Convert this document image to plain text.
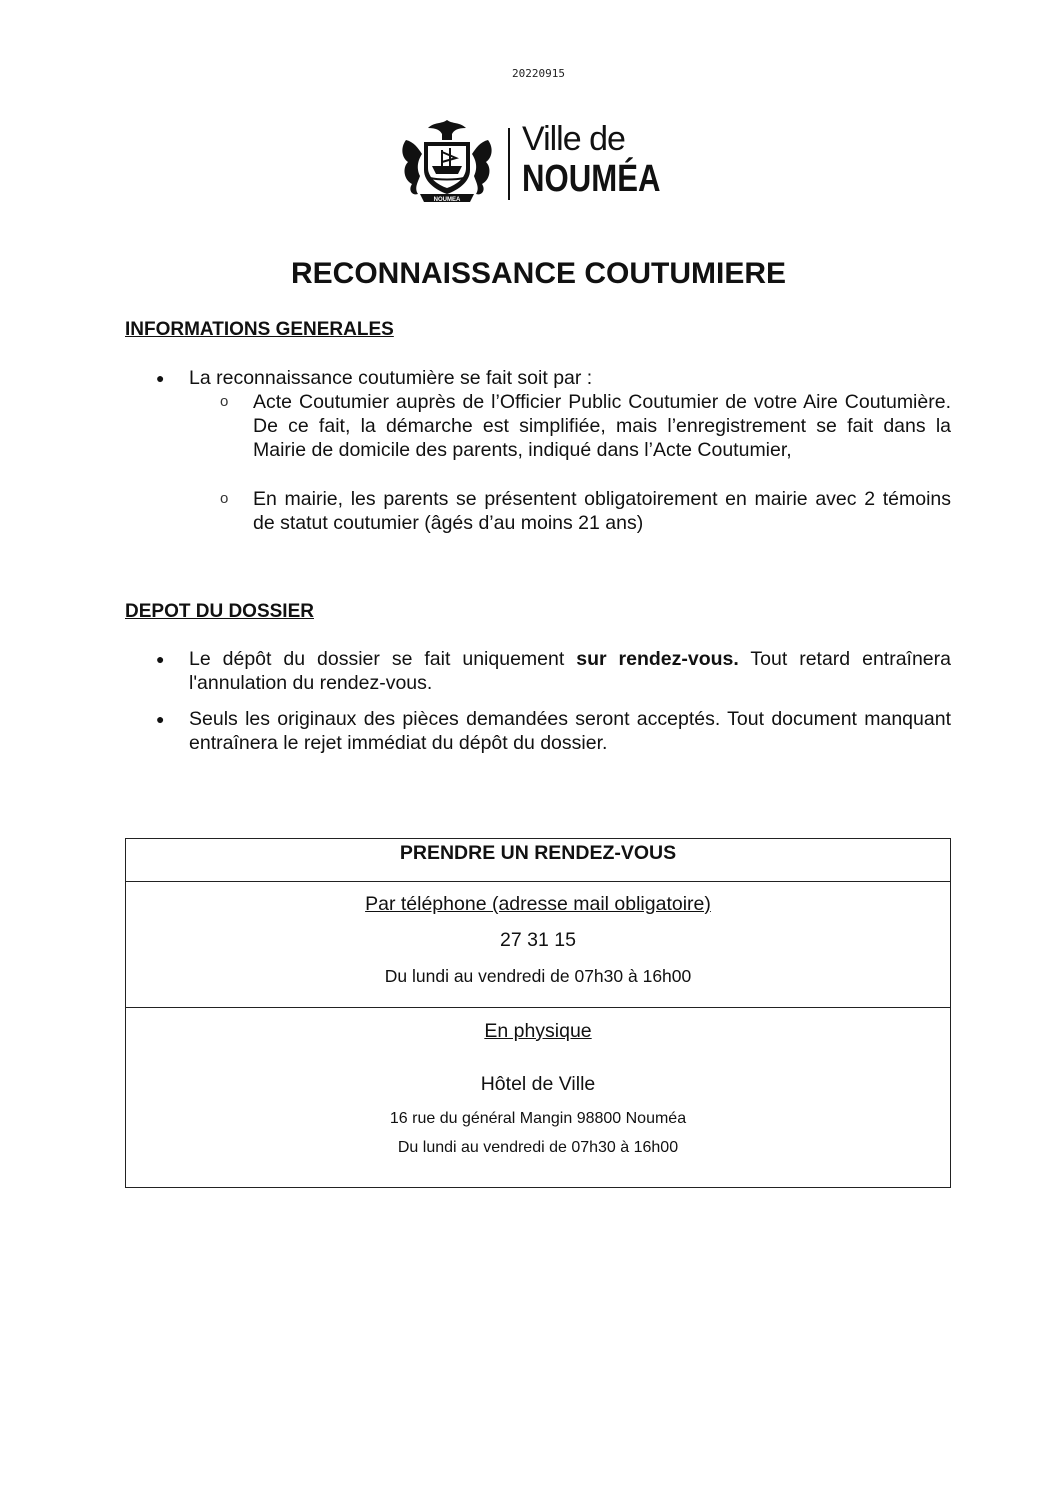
20220915
NOUMEA
Ville de
NOUMÉA
RECONNAISSANCE COUTUMIERE
INFORMATIONS GENERALES
● La reconnaissance coutumière se fait soit par :
o Acte Coutumier auprès de l’Officier Public Coutumier de votre Aire Coutumière. De ce fait, la démarche est simplifiée, mais l’enregistrement se fait dans la Mairie de domicile des parents, indiqué dans l’Acte Coutumier,
o En mairie, les parents se présentent obligatoirement en mairie avec 2 témoins de statut coutumier (âgés d’au moins 21 ans)
DEPOT DU DOSSIER
● Le dépôt du dossier se fait uniquement sur rendez-vous. Tout retard entraînera l'annulation du rendez-vous.
● Seuls les originaux des pièces demandées seront acceptés. Tout document manquant entraînera le rejet immédiat du dépôt du dossier.
PRENDRE UN RENDEZ-VOUS
Par téléphone (adresse mail obligatoire)
27 31 15
Du lundi au vendredi de 07h30 à 16h00
En physique
Hôtel de Ville
16 rue du général Mangin 98800 Nouméa
Du lundi au vendredi de 07h30 à 16h00
